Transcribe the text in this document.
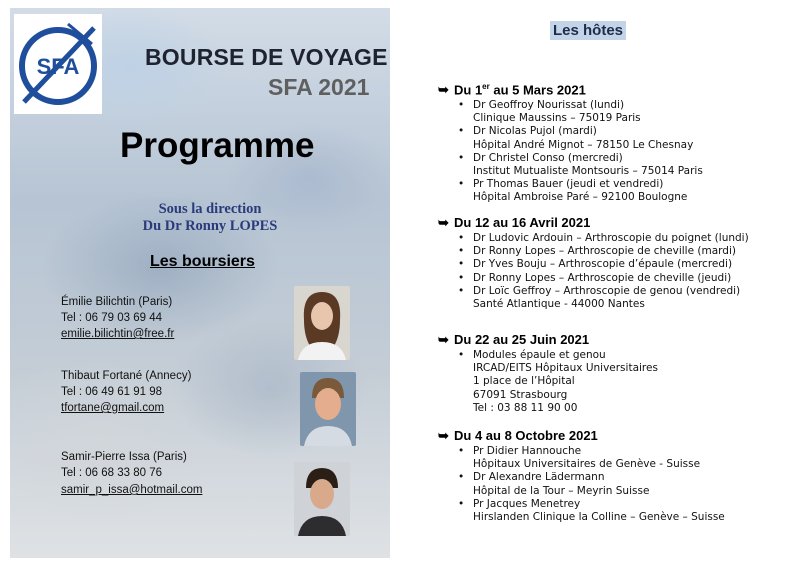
SFA	BOURSE DE VOYAGE
SFA 2021
Programme
Sous la direction
Du Dr Ronny LOPES
Les boursiers
Émilie Bilichtin (Paris)
Tel : 06 79 03 69 44
emilie.bilichtin@free.fr
Thibaut Fortané (Annecy)
Tel : 06 49 61 91 98
tfortane@gmail.com
Samir-Pierre Issa (Paris)
Tel : 06 68 33 80 76
samir_p_issa@hotmail.com
Les hôtes
➥ Du 1er au 5 Mars 2021
• Dr Geoffroy Nourissat (lundi)
Clinique Maussins – 75019 Paris
• Dr Nicolas Pujol (mardi)
Hôpital André Mignot – 78150 Le Chesnay
• Dr Christel Conso (mercredi)
Institut Mutualiste Montsouris – 75014 Paris
• Pr Thomas Bauer (jeudi et vendredi)
Hôpital Ambroise Paré – 92100 Boulogne
➥ Du 12 au 16 Avril 2021
• Dr Ludovic Ardouin – Arthroscopie du poignet (lundi)
• Dr Ronny Lopes – Arthroscopie de cheville (mardi)
• Dr Yves Bouju – Arthroscopie d’épaule (mercredi)
• Dr Ronny Lopes – Arthroscopie de cheville (jeudi)
• Dr Loïc Geffroy – Arthroscopie de genou (vendredi)
Santé Atlantique - 44000 Nantes
➥ Du 22 au 25 Juin 2021
• Modules épaule et genou
IRCAD/EITS Hôpitaux Universitaires
1 place de l’Hôpital
67091 Strasbourg
Tel : 03 88 11 90 00
➥ Du 4 au 8 Octobre 2021
• Pr Didier Hannouche
Hôpitaux Universitaires de Genève - Suisse
• Dr Alexandre Lädermann
Hôpital de la Tour – Meyrin Suisse
• Pr Jacques Menetrey
Hirslanden Clinique la Colline – Genève – Suisse
